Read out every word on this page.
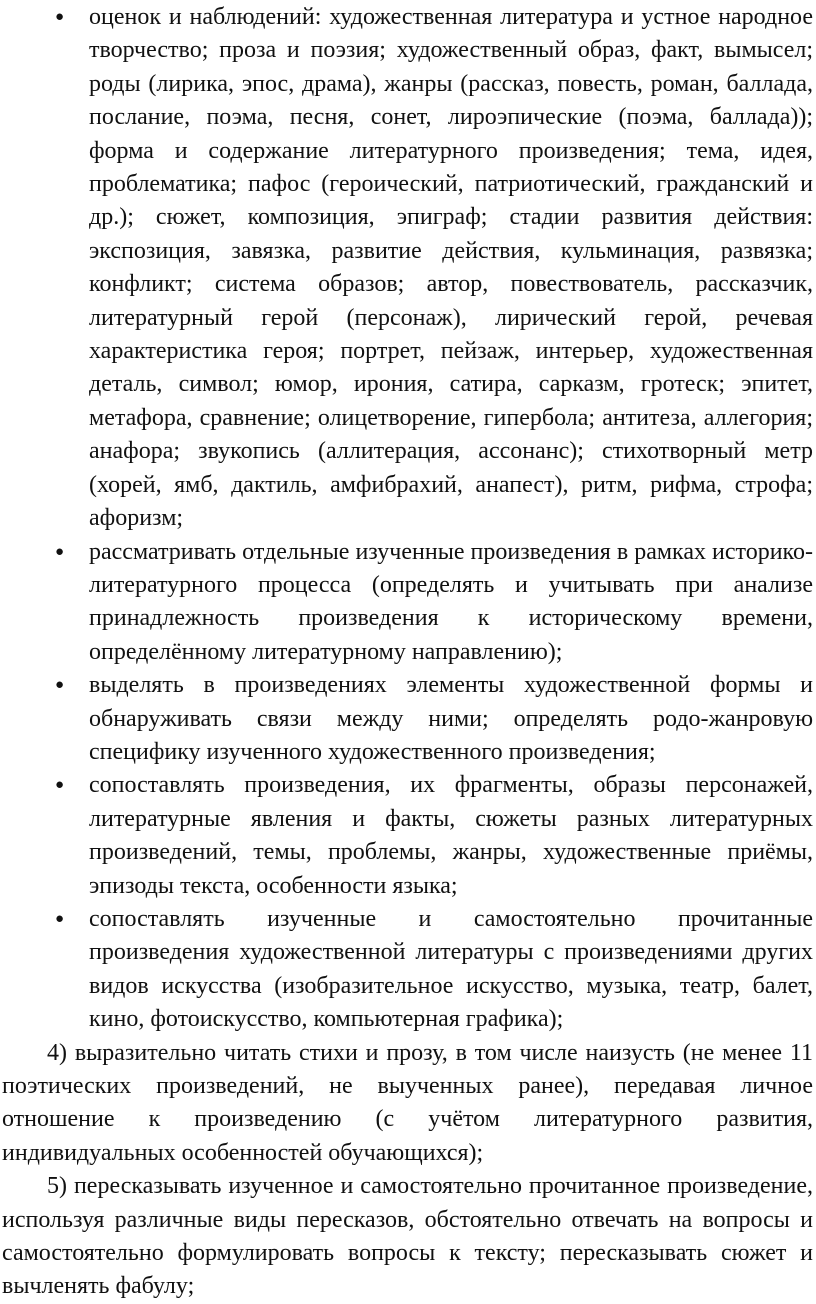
● оценок и наблюдений: художественная литература и устное народное творчество; проза и поэзия; художественный образ, факт, вымысел; роды (лирика, эпос, драма), жанры (рассказ, повесть, роман, баллада, послание, поэма, песня, сонет, лироэпические (поэма, баллада)); форма и содержание литературного произведения; тема, идея, проблематика; пафос (героический, патриотический, гражданский и др.); сюжет, композиция, эпиграф; стадии развития действия: экспозиция, завязка, развитие действия, кульминация, развязка; конфликт; система образов; автор, повествователь, рассказчик, литературный герой (персонаж), лирический герой, речевая характеристика героя; портрет, пейзаж, интерьер, художественная деталь, символ; юмор, ирония, сатира, сарказм, гротеск; эпитет, метафора, сравнение; олицетворение, гипербола; антитеза, аллегория; анафора; звукопись (аллитерация, ассонанс); стихотворный метр (хорей, ямб, дактиль, амфибрахий, анапест), ритм, рифма, строфа; афоризм;
● рассматривать отдельные изученные произведения в рамках историко-литературного процесса (определять и учитывать при анализе принадлежность произведения к историческому времени, определённому литературному направлению);
● выделять в произведениях элементы художественной формы и обнаруживать связи между ними; определять родо-жанровую специфику изученного художественного произведения;
● сопоставлять произведения, их фрагменты, образы персонажей, литературные явления и факты, сюжеты разных литературных произведений, темы, проблемы, жанры, художественные приёмы, эпизоды текста, особенности языка;
● сопоставлять изученные и самостоятельно прочитанные произведения художественной литературы с произведениями других видов искусства (изобразительное искусство, музыка, театр, балет, кино, фотоискусство, компьютерная графика);

4) выразительно читать стихи и прозу, в том числе наизусть (не менее 11 поэтических произведений, не выученных ранее), передавая личное отношение к произведению (с учётом литературного развития, индивидуальных особенностей обучающихся);

5) пересказывать изученное и самостоятельно прочитанное произведение, используя различные виды пересказов, обстоятельно отвечать на вопросы и самостоятельно формулировать вопросы к тексту; пересказывать сюжет и вычленять фабулу;
